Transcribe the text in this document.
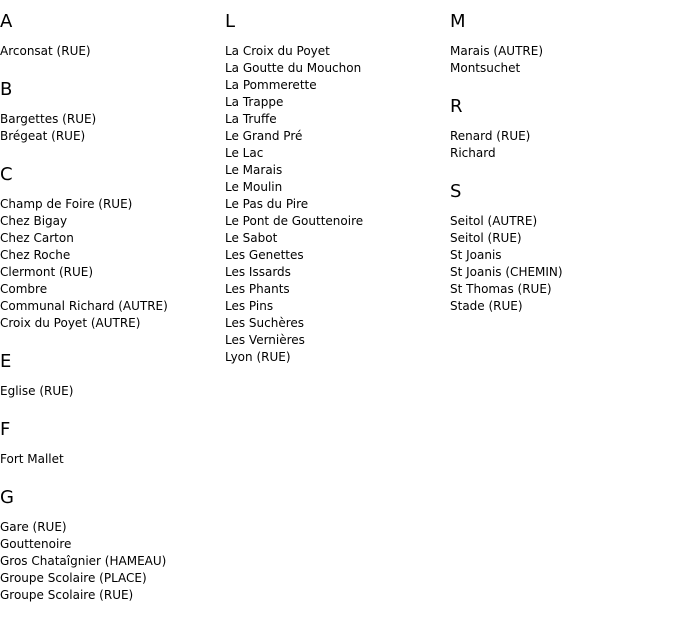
A
Arconsat (RUE)
B
Bargettes (RUE)
Brégeat (RUE)
C
Champ de Foire (RUE)
Chez Bigay
Chez Carton
Chez Roche
Clermont (RUE)
Combre
Communal Richard (AUTRE)
Croix du Poyet (AUTRE)
E
Eglise (RUE)
F
Fort Mallet
G
Gare (RUE)
Gouttenoire
Gros Chataîgnier (HAMEAU)
Groupe Scolaire (PLACE)
Groupe Scolaire (RUE)
L
La Croix du Poyet
La Goutte du Mouchon
La Pommerette
La Trappe
La Truffe
Le Grand Pré
Le Lac
Le Marais
Le Moulin
Le Pas du Pire
Le Pont de Gouttenoire
Le Sabot
Les Genettes
Les Issards
Les Phants
Les Pins
Les Suchères
Les Vernières
Lyon (RUE)
M
Marais (AUTRE)
Montsuchet
R
Renard (RUE)
Richard
S
Seitol (AUTRE)
Seitol (RUE)
St Joanis
St Joanis (CHEMIN)
St Thomas (RUE)
Stade (RUE)
